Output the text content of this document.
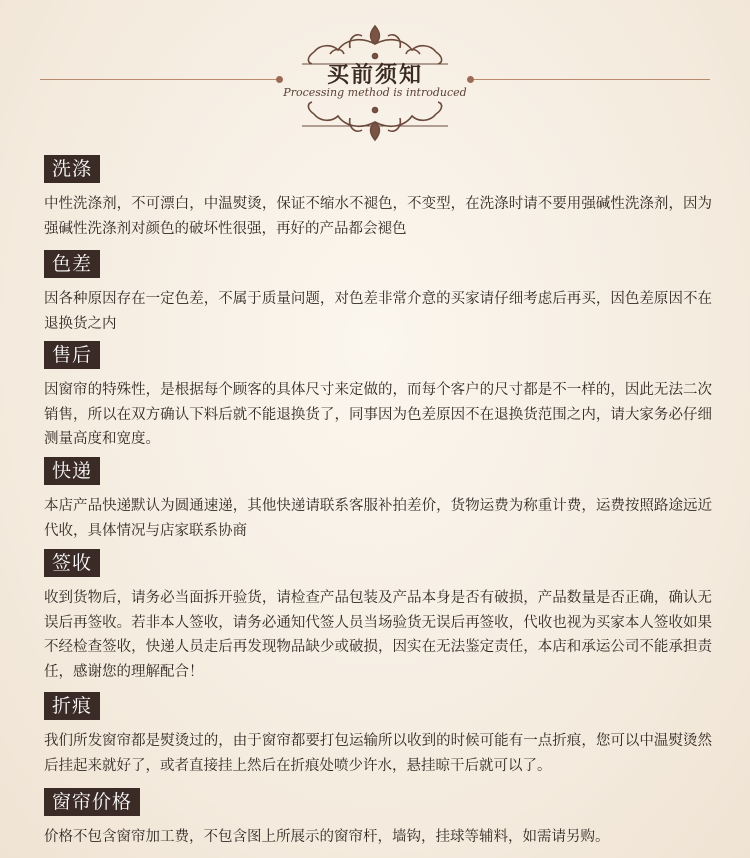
买前须知
Processing method is introduced
洗涤
中性洗涤剂，不可漂白，中温熨烫，保证不缩水不褪色，不变型，在洗涤时请不要用强碱性洗涤剂，因为强碱性洗涤剂对颜色的破坏性很强，再好的产品都会褪色
色差
因各种原因存在一定色差，不属于质量问题，对色差非常介意的买家请仔细考虑后再买，因色差原因不在退换货之内
售后
因窗帘的特殊性，是根据每个顾客的具体尺寸来定做的，而每个客户的尺寸都是不一样的，因此无法二次销售，所以在双方确认下料后就不能退换货了，同事因为色差原因不在退换货范围之内，请大家务必仔细测量高度和宽度。
快递
本店产品快递默认为圆通速递，其他快递请联系客服补拍差价，货物运费为称重计费，运费按照路途远近代收，具体情况与店家联系协商
签收
收到货物后，请务必当面拆开验货，请检查产品包装及产品本身是否有破损，产品数量是否正确，确认无误后再签收。若非本人签收，请务必通知代签人员当场验货无误后再签收，代收也视为买家本人签收如果不经检查签收，快递人员走后再发现物品缺少或破损，因实在无法鉴定责任，本店和承运公司不能承担责任，感谢您的理解配合！
折痕
我们所发窗帘都是熨烫过的，由于窗帘都要打包运输所以收到的时候可能有一点折痕，您可以中温熨烫然后挂起来就好了，或者直接挂上然后在折痕处喷少许水，悬挂晾干后就可以了。
窗帘价格
价格不包含窗帘加工费，不包含图上所展示的窗帘杆，墙钩，挂球等辅料，如需请另购。
